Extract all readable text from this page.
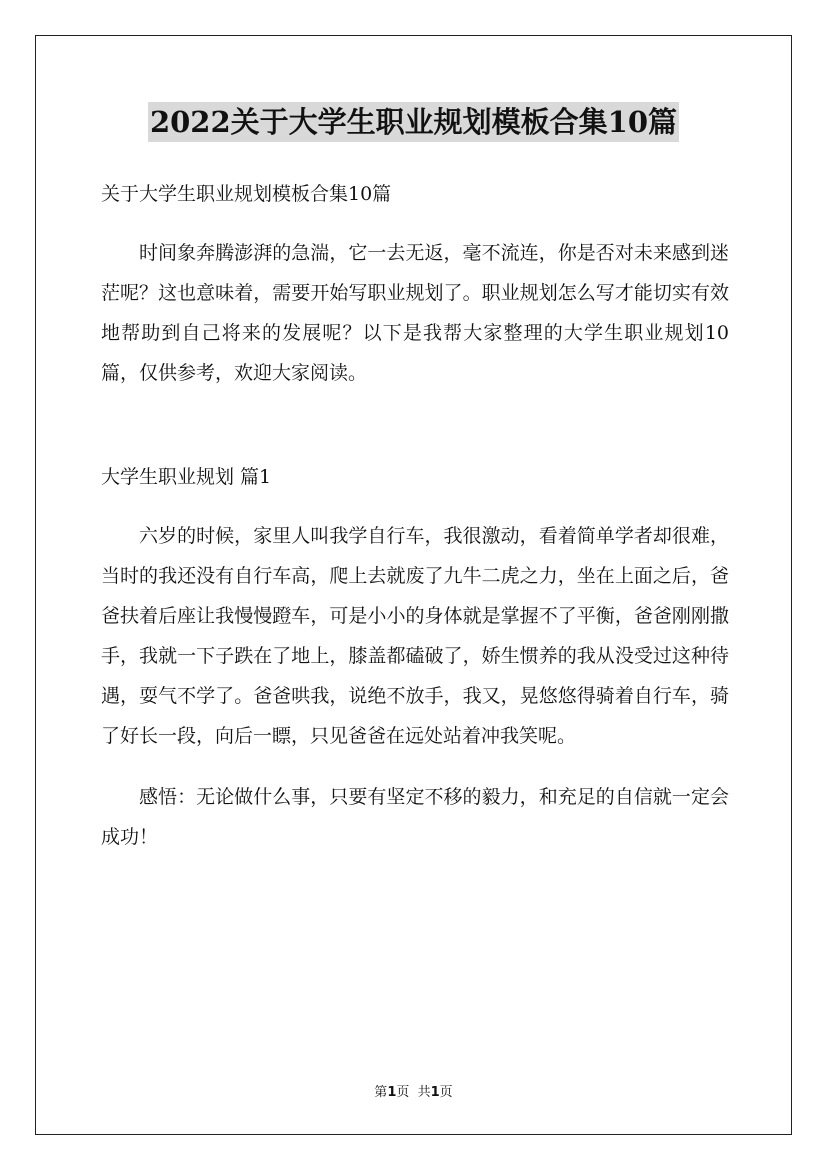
2022关于大学生职业规划模板合集10篇

关于大学生职业规划模板合集10篇

时间象奔腾澎湃的急湍，它一去无返，毫不流连，你是否对未来感到迷茫呢？这也意味着，需要开始写职业规划了。职业规划怎么写才能切实有效地帮助到自己将来的发展呢？以下是我帮大家整理的大学生职业规划10篇，仅供参考，欢迎大家阅读。

大学生职业规划 篇1

六岁的时候，家里人叫我学自行车，我很激动，看着简单学者却很难，当时的我还没有自行车高，爬上去就废了九牛二虎之力，坐在上面之后，爸爸扶着后座让我慢慢蹬车，可是小小的身体就是掌握不了平衡，爸爸刚刚撒手，我就一下子跌在了地上，膝盖都磕破了，娇生惯养的我从没受过这种待遇，耍气不学了。爸爸哄我，说绝不放手，我又，晃悠悠得骑着自行车，骑了好长一段，向后一瞟，只见爸爸在远处站着冲我笑呢。

感悟：无论做什么事，只要有坚定不移的毅力，和充足的自信就一定会成功！

第1页  共1页
